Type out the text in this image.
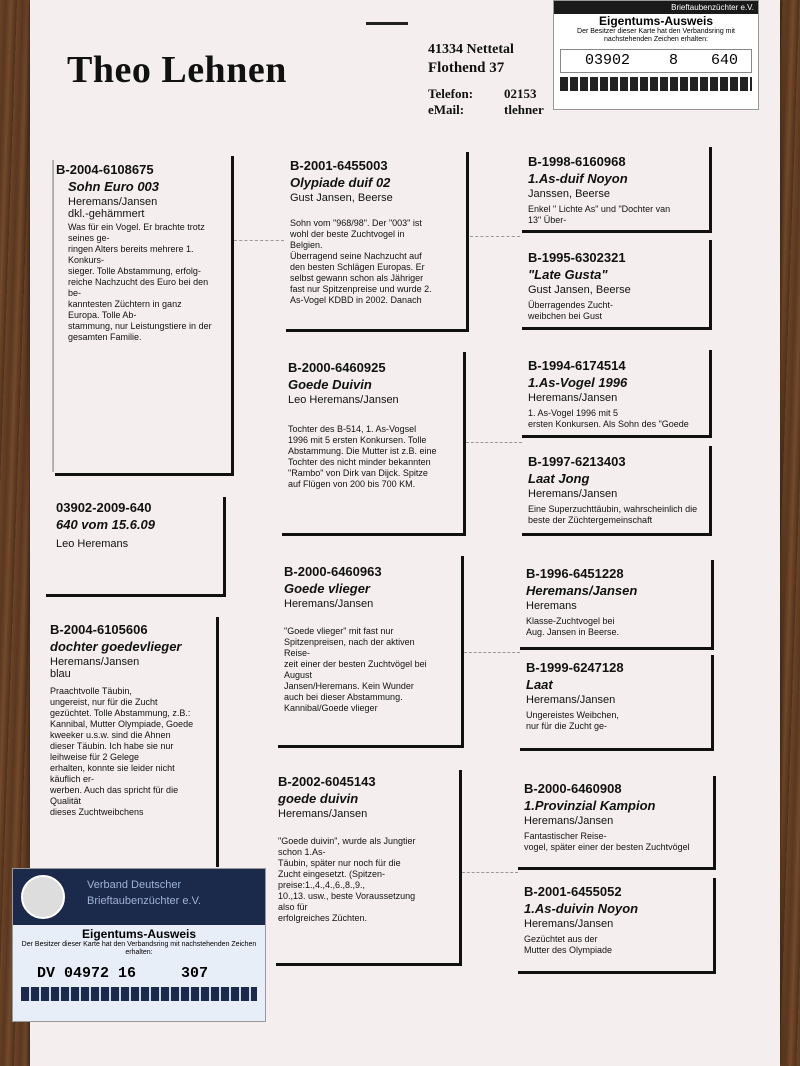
Theo Lehnen	41334 Nettetal
Flothend 37
Telefon: 02153
eMail:	tlehner
Brieftaubenzüchter e.V.
Eigentums-Ausweis
Der Besitzer dieser Karte hat den Verbandsring mit nachstehenden Zeichen erhalten:
03902	8 640
B-2004-6108675
Sohn Euro 003
Heremans/Jansen
dkl.-gehämmert
Was für ein Vogel. Er brachte trotz
seines ge-
ringen Alters bereits mehrere 1.
Konkurs-
sieger. Tolle Abstammung, erfolg-
reiche Nachzucht des Euro bei den
be-
kanntesten Züchtern in ganz
Europa. Tolle Ab-
stammung, nur Leistungstiere in der
gesamten Familie.
03902-2009-640
640 vom 15.6.09
Leo Heremans
B-2004-6105606
dochter goedevlieger
Heremans/Jansen
blau
Praachtvolle Täubin,
ungereist, nur für die Zucht
gezüchtet. Tolle Abstammung, z.B.:
Kannibal, Mutter Olympiade, Goede
kweeker u.s.w. sind die Ahnen
dieser Täubin. Ich habe sie nur
leihweise für 2 Gelege
erhalten, konnte sie leider nicht
käuflich er-
werben. Auch das spricht für die
Qualität
dieses Zuchtweibchens
B-2001-6455003
Olypiade duif 02
Gust Jansen, Beerse
Sohn vom "968/98". Der "003" ist
wohl der beste Zuchtvogel in
Belgien.
Überragend seine Nachzucht auf
den besten Schlägen Europas. Er
selbst gewann schon als Jähriger
fast nur Spitzenpreise und wurde 2.
As-Vogel KDBD in 2002. Danach
B-2000-6460925
Goede Duivin
Leo Heremans/Jansen
Tochter des B-514, 1. As-Vogsel
1996 mit 5 ersten Konkursen. Tolle
Abstammung. Die Mutter ist z.B. eine
Tochter des nicht minder bekannten
"Rambo" von Dirk van Dijck. Spitze
auf Flügen von 200 bis 700 KM.
B-2000-6460963
Goede vlieger
Heremans/Jansen
"Goede vlieger" mit fast nur
Spitzenpreisen, nach der aktiven
Reise-
zeit einer der besten Zuchtvögel bei
August
Jansen/Heremans. Kein Wunder
auch bei dieser Abstammung.
Kannibal/Goede vlieger
B-2002-6045143
goede duivin
Heremans/Jansen
"Goede duivin", wurde als Jungtier
schon 1.As-
Täubin, später nur noch für die
Zucht eingesetzt. (Spitzen-
preise:1.,4.,4.,6.,8.,9.,
10.,13. usw., beste Voraussetzung
also für
erfolgreiches Züchten.
B-1998-6160968
1.As-duif Noyon
Janssen, Beerse
Enkel " Lichte As" und "Dochter van
13" Über-
B-1995-6302321
"Late Gusta"
Gust Jansen, Beerse
Überragendes Zucht-
weibchen bei Gust
B-1994-6174514
1.As-Vogel 1996
Heremans/Jansen
1. As-Vogel 1996 mit 5
ersten Konkursen. Als Sohn des "Goede
B-1997-6213403
Laat Jong
Heremans/Jansen
Eine Superzuchttäubin, wahrscheinlich die
beste der Züchtergemeinschaft
B-1996-6451228
Heremans/Jansen
Heremans
Klasse-Zuchtvogel bei
Aug. Jansen in Beerse.
B-1999-6247128
Laat
Heremans/Jansen
Ungereistes Weibchen,
nur für die Zucht ge-
B-2000-6460908
1.Provinzial Kampion
Heremans/Jansen
Fantastischer Reise-
vogel, später einer der besten Zuchtvögel
B-2001-6455052
1.As-duivin Noyon
Heremans/Jansen
Gezüchtet aus der
Mutter des Olympiade
Verband Deutscher
Brieftaubenzüchter e.V.
Eigentums-Ausweis
Der Besitzer dieser Karte hat den Verbandsring mit nachstehenden Zeichen erhalten:
DV 04972 16	307
